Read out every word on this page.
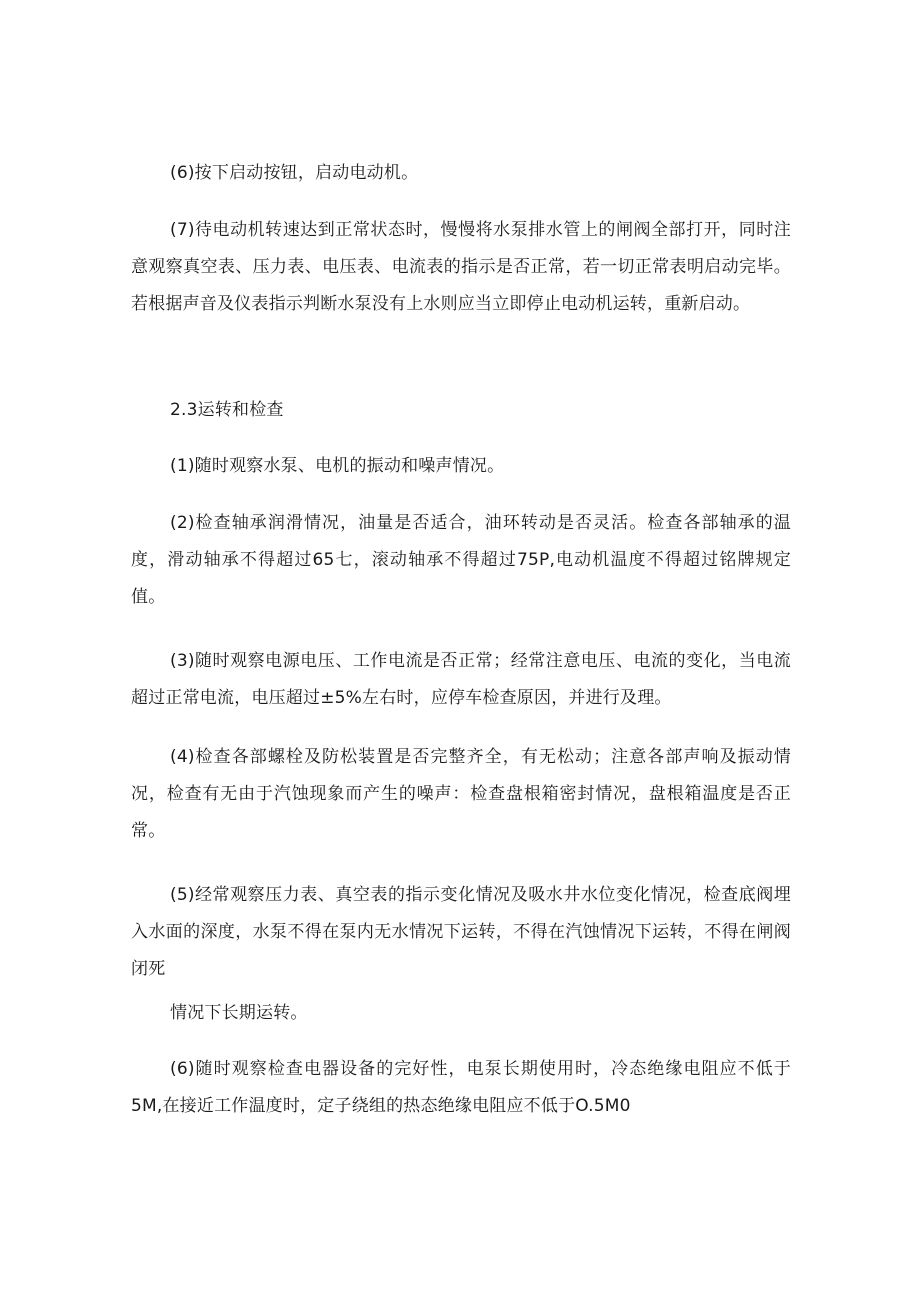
(6)按下启动按钮，启动电动机。

(7)待电动机转速达到正常状态时，慢慢将水泵排水管上的闸阀全部打开，同时注意观察真空表、压力表、电压表、电流表的指示是否正常，若一切正常表明启动完毕。若根据声音及仪表指示判断水泵没有上水则应当立即停止电动机运转，重新启动。

2.3运转和检查

(1)随时观察水泵、电机的振动和噪声情况。

(2)检查轴承润滑情况，油量是否适合，油环转动是否灵活。检查各部轴承的温度，滑动轴承不得超过65七，滚动轴承不得超过75P,电动机温度不得超过铭牌规定值。

(3)随时观察电源电压、工作电流是否正常；经常注意电压、电流的变化，当电流超过正常电流，电压超过±5%左右时，应停车检查原因，并进行及理。

(4)检查各部螺栓及防松装置是否完整齐全，有无松动；注意各部声响及振动情况，检查有无由于汽蚀现象而产生的噪声：检查盘根箱密封情况，盘根箱温度是否正常。

(5)经常观察压力表、真空表的指示变化情况及吸水井水位变化情况，检查底阀埋入水面的深度，水泵不得在泵内无水情况下运转，不得在汽蚀情况下运转，不得在闸阀闭死

情况下长期运转。

(6)随时观察检查电器设备的完好性，电泵长期使用时，冷态绝缘电阻应不低于5M,在接近工作温度时，定子绕组的热态绝缘电阻应不低于O.5M0
